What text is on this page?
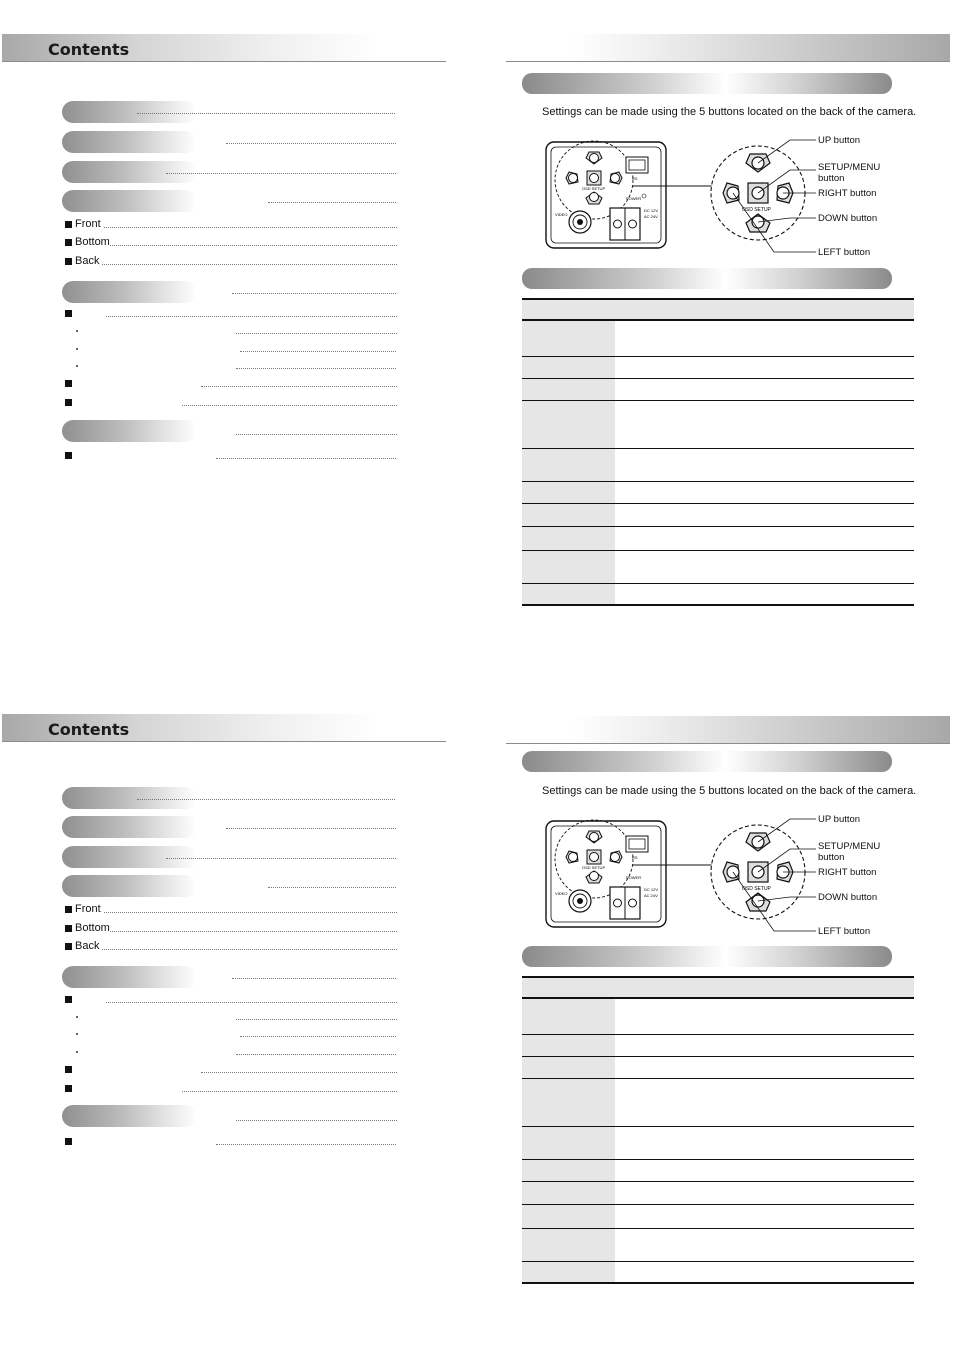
Contents
Front
Bottom
Back
Settings can be made using the 5 buttons located on the back of the camera.
OSD SETUP
RS
POWER
VIDEO
DC 12V
AC 24V
OSD SETUP
UP button
SETUP/MENU
button
RIGHT button
DOWN button
LEFT button
Contents
Front
Bottom
Back
Settings can be made using the 5 buttons located on the back of the camera.
OSD SETUP
RS
POWER
VIDEO
DC 12V
AC 24V
OSD SETUP
UP button
SETUP/MENU
button
RIGHT button
DOWN button
LEFT button
